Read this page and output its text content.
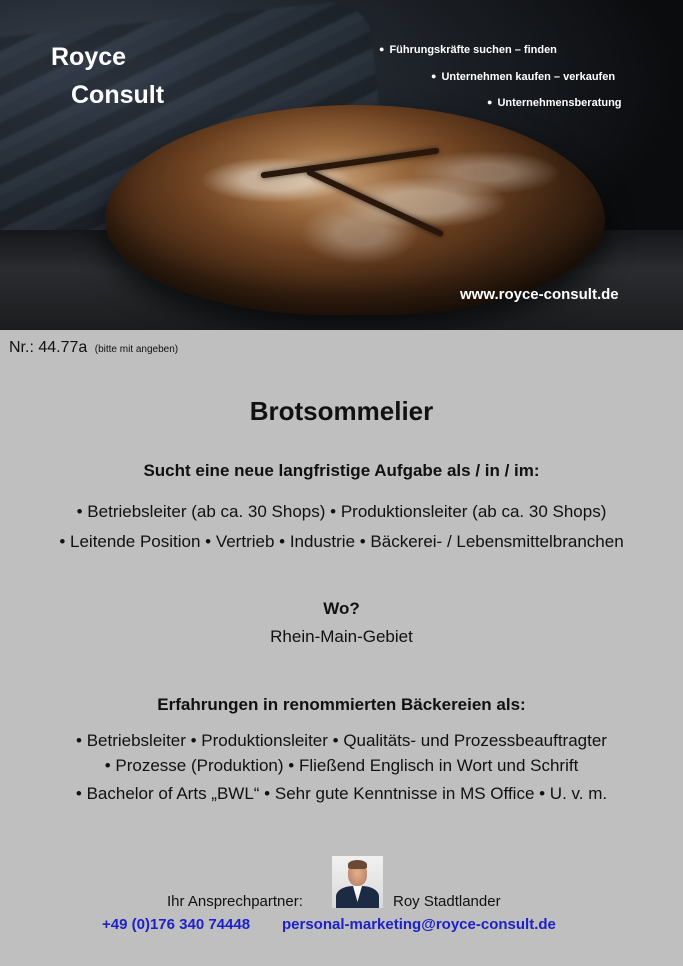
Royce
Consult
● Führungskräfte suchen – finden
● Unternehmen kaufen – verkaufen
● Unternehmensberatung
www.royce-consult.de
Nr.: 44.77a (bitte mit angeben)
Brotsommelier
Sucht eine neue langfristige Aufgabe als / in / im:
• Betriebsleiter (ab ca. 30 Shops) • Produktionsleiter (ab ca. 30 Shops)
• Leitende Position • Vertrieb • Industrie • Bäckerei- / Lebensmittelbranchen
Wo?
Rhein-Main-Gebiet
Erfahrungen in renommierten Bäckereien als:
• Betriebsleiter • Produktionsleiter • Qualitäts- und Prozessbeauftragter
• Prozesse (Produktion) • Fließend Englisch in Wort und Schrift
• Bachelor of Arts „BWL“ • Sehr gute Kenntnisse in MS Office • U. v. m.
Ihr Ansprechpartner:	Roy Stadtlander
+49 (0)176 340 74448 personal-marketing@royce-consult.de
